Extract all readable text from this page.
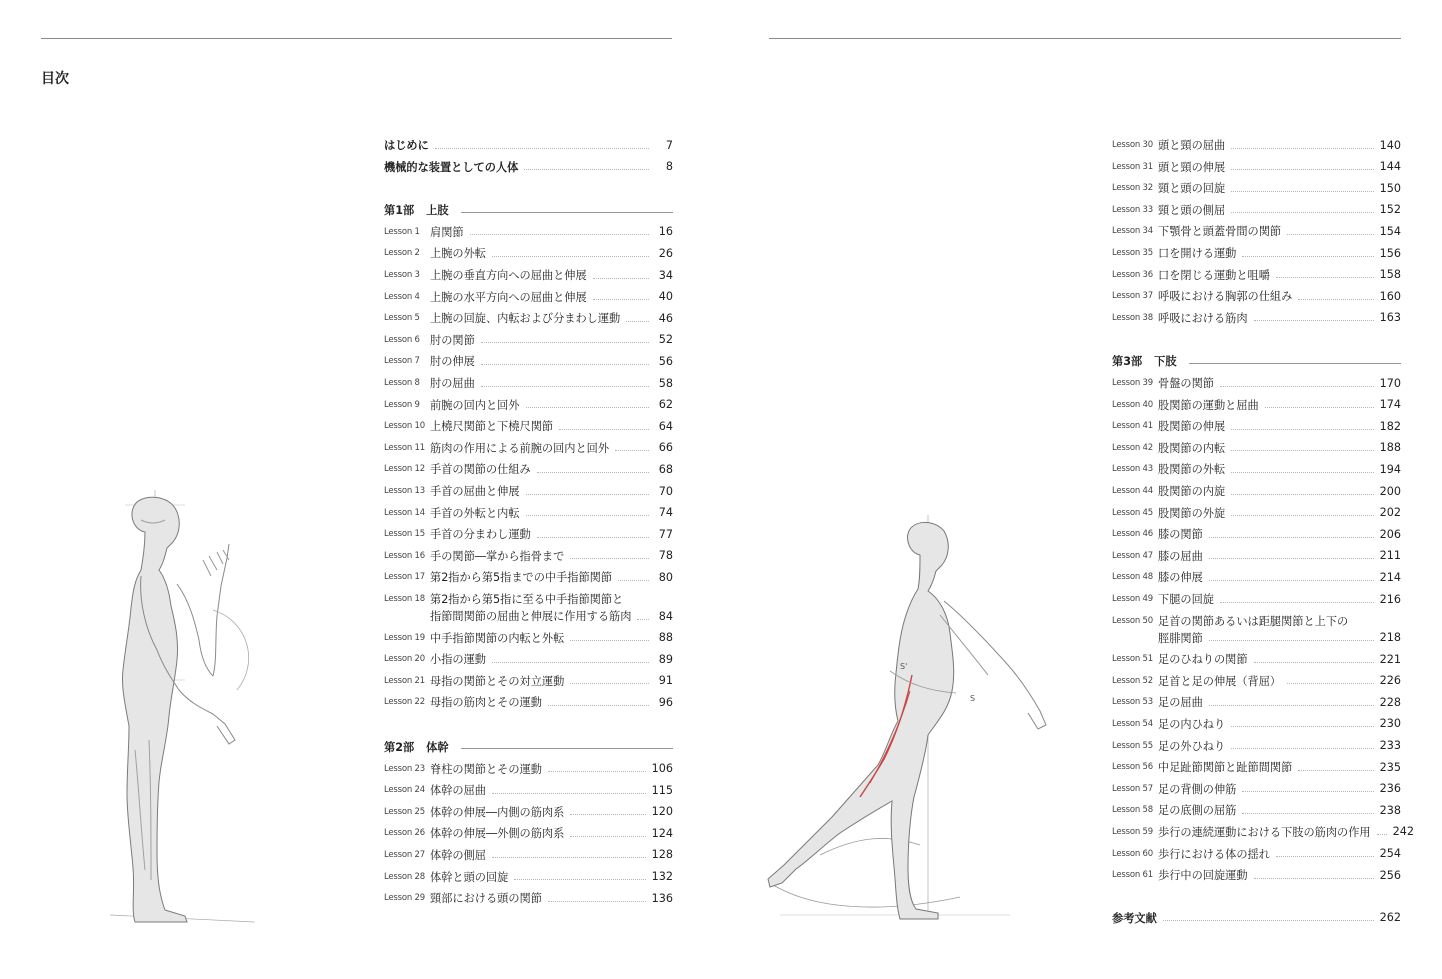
目次
S'
S
はじめに	7
機械的な装置としての人体	8
第1部 上肢
Lesson 1 肩関節	16
Lesson 2 上腕の外転	26
Lesson 3 上腕の垂直方向への屈曲と伸展	34
Lesson 4 上腕の水平方向への屈曲と伸展	40
Lesson 5 上腕の回旋、内転および分まわし運動	46
Lesson 6 肘の関節	52
Lesson 7 肘の伸展	56
Lesson 8 肘の屈曲	58
Lesson 9 前腕の回内と回外	62
Lesson 10 上橈尺関節と下橈尺関節	64
Lesson 11 筋肉の作用による前腕の回内と回外	66
Lesson 12 手首の関節の仕組み	68
Lesson 13 手首の屈曲と伸展	70
Lesson 14 手首の外転と内転	74
Lesson 15 手首の分まわし運動	77
Lesson 16 手の関節―掌から指骨まで	78
Lesson 17 第2指から第5指までの中手指節関節	80
Lesson 18 第2指から第5指に至る中手指節関節と
指節間関節の屈曲と伸展に作用する筋肉	84
Lesson 19 中手指節関節の内転と外転	88
Lesson 20 小指の運動	89
Lesson 21 母指の関節とその対立運動	91
Lesson 22 母指の筋肉とその運動	96
第2部 体幹
Lesson 23 脊柱の関節とその運動	106
Lesson 24 体幹の屈曲	115
Lesson 25 体幹の伸展―内側の筋肉系	120
Lesson 26 体幹の伸展―外側の筋肉系	124
Lesson 27 体幹の側屈	128
Lesson 28 体幹と頭の回旋	132
Lesson 29 頸部における頭の関節	136
Lesson 30 頭と頸の屈曲	140
Lesson 31 頭と頸の伸展	144
Lesson 32 頸と頭の回旋	150
Lesson 33 頸と頭の側屈	152
Lesson 34 下顎骨と頭蓋骨間の関節	154
Lesson 35 口を開ける運動	156
Lesson 36 口を閉じる運動と咀嚼	158
Lesson 37 呼吸における胸郭の仕組み	160
Lesson 38 呼吸における筋肉	163
第3部 下肢
Lesson 39 骨盤の関節	170
Lesson 40 股関節の運動と屈曲	174
Lesson 41 股関節の伸展	182
Lesson 42 股関節の内転	188
Lesson 43 股関節の外転	194
Lesson 44 股関節の内旋	200
Lesson 45 股関節の外旋	202
Lesson 46 膝の関節	206
Lesson 47 膝の屈曲	211
Lesson 48 膝の伸展	214
Lesson 49 下腿の回旋	216
Lesson 50 足首の関節あるいは距腿関節と上下の
脛腓関節	218
Lesson 51 足のひねりの関節	221
Lesson 52 足首と足の伸展（背屈）	226
Lesson 53 足の屈曲	228
Lesson 54 足の内ひねり	230
Lesson 55 足の外ひねり	233
Lesson 56 中足趾節関節と趾節間関節	235
Lesson 57 足の背側の伸筋	236
Lesson 58 足の底側の屈筋	238
Lesson 59 歩行の連続運動における下肢の筋肉の作用	242
Lesson 60 歩行における体の揺れ	254
Lesson 61 歩行中の回旋運動	256
参考文献	262
